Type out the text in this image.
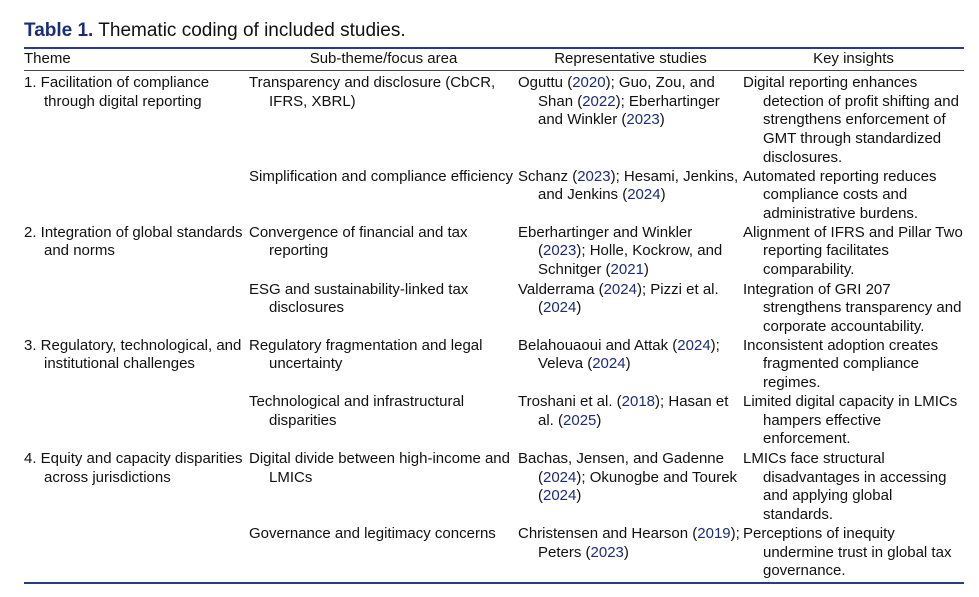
Table 1. Thematic coding of included studies.
Theme	Sub-theme/focus area	Representative studies	Key insights

1. Facilitation of compliance through digital reporting	Transparency and disclosure (CbCR, IFRS, XBRL)	Oguttu (2020); Guo, Zou, and Shan (2022); Eberhartinger and Winkler (2023)	Digital reporting enhances detection of profit shifting and strengthens enforcement of GMT through standardized disclosures.

	Simplification and compliance efficiency	Schanz (2023); Hesami, Jenkins, and Jenkins (2024)	Automated reporting reduces compliance costs and administrative burdens.

2. Integration of global standards and norms	Convergence of financial and tax reporting	Eberhartinger and Winkler (2023); Holle, Kockrow, and Schnitger (2021)	Alignment of IFRS and Pillar Two reporting facilitates comparability.

	ESG and sustainability-linked tax disclosures	Valderrama (2024); Pizzi et al. (2024)	Integration of GRI 207 strengthens transparency and corporate accountability.

3. Regulatory, technological, and institutional challenges	Regulatory fragmentation and legal uncertainty	Belahouaoui and Attak (2024); Veleva (2024)	Inconsistent adoption creates fragmented compliance regimes.

	Technological and infrastructural disparities	Troshani et al. (2018); Hasan et al. (2025)	Limited digital capacity in LMICs hampers effective enforcement.

4. Equity and capacity disparities across jurisdictions	Digital divide between high-income and LMICs	Bachas, Jensen, and Gadenne (2024); Okunogbe and Tourek (2024)	LMICs face structural disadvantages in accessing and applying global standards.

	Governance and legitimacy concerns	Christensen and Hearson (2019); Peters (2023)	Perceptions of inequity undermine trust in global tax governance.
